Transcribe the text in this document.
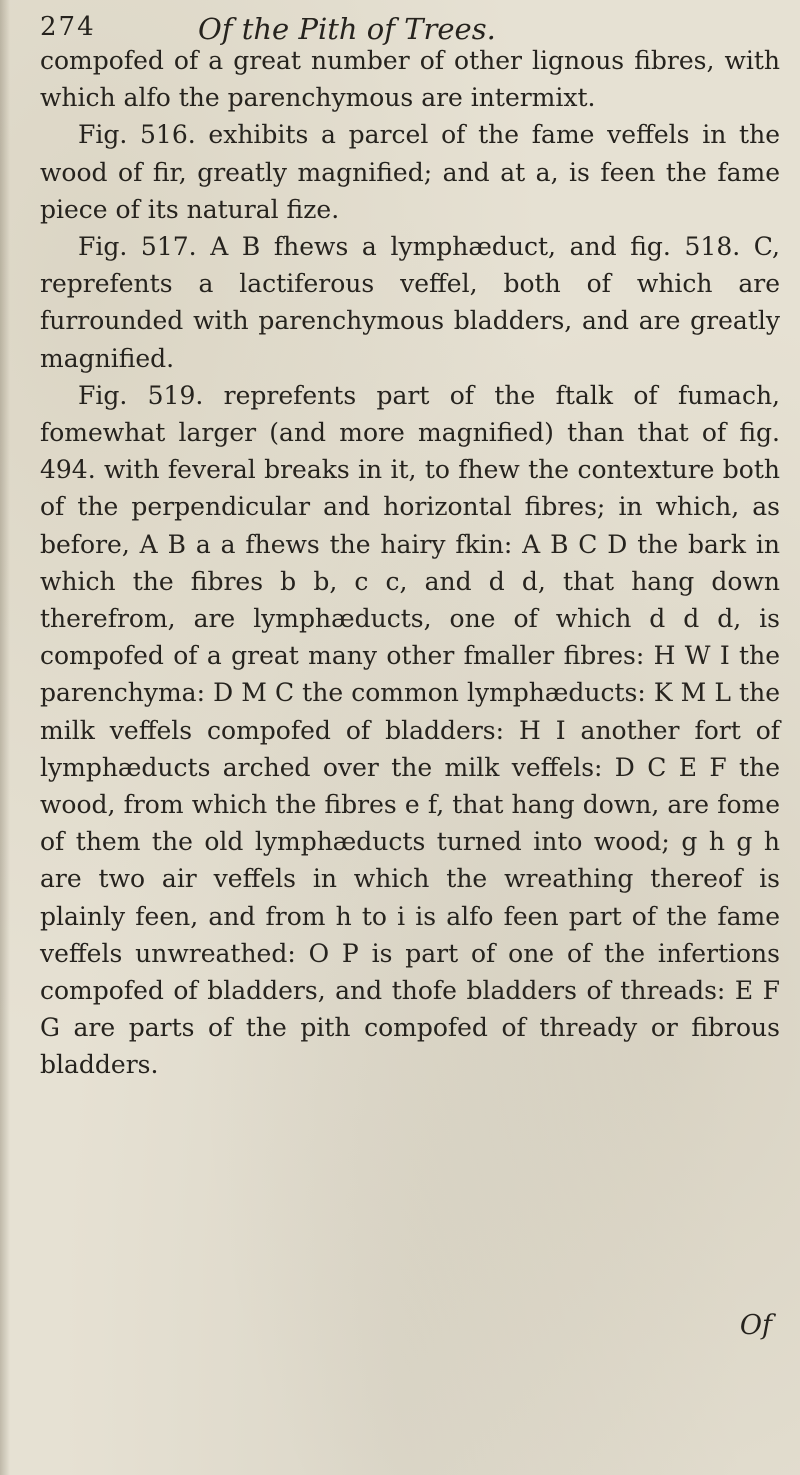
274	Of the Pith of Trees.

compofed of a great number of other lignous fibres, with which alfo the parenchymous are intermixt.

Fig. 516. exhibits a parcel of the fame veffels in the wood of fir, greatly magnified; and at a, is feen the fame piece of its natural fize.

Fig. 517. A B fhews a lymphæduct, and fig. 518. C, reprefents a lactiferous veffel, both of which are furrounded with parenchymous bladders, and are greatly magnified.

Fig. 519. reprefents part of the ftalk of fumach, fomewhat larger (and more magnified) than that of fig. 494. with feveral breaks in it, to fhew the contexture both of the perpendicular and horizontal fibres; in which, as before, A B a a fhews the hairy fkin: A B C D the bark in which the fibres b b, c c, and d d, that hang down therefrom, are lymphæducts, one of which d d d, is compofed of a great many other fmaller fibres: H W I the parenchyma: D M C the common lymphæducts: K M L the milk veffels compofed of bladders: H I another fort of lymphæducts arched over the milk veffels: D C E F the wood, from which the fibres e f, that hang down, are fome of them the old lymphæducts turned into wood; g h g h are two air veffels in which the wreathing thereof is plainly feen, and from h to i is alfo feen part of the fame veffels unwreathed: O P is part of one of the infertions compofed of bladders, and thofe bladders of threads: E F G are parts of the pith compofed of thready or fibrous bladders.

Of
